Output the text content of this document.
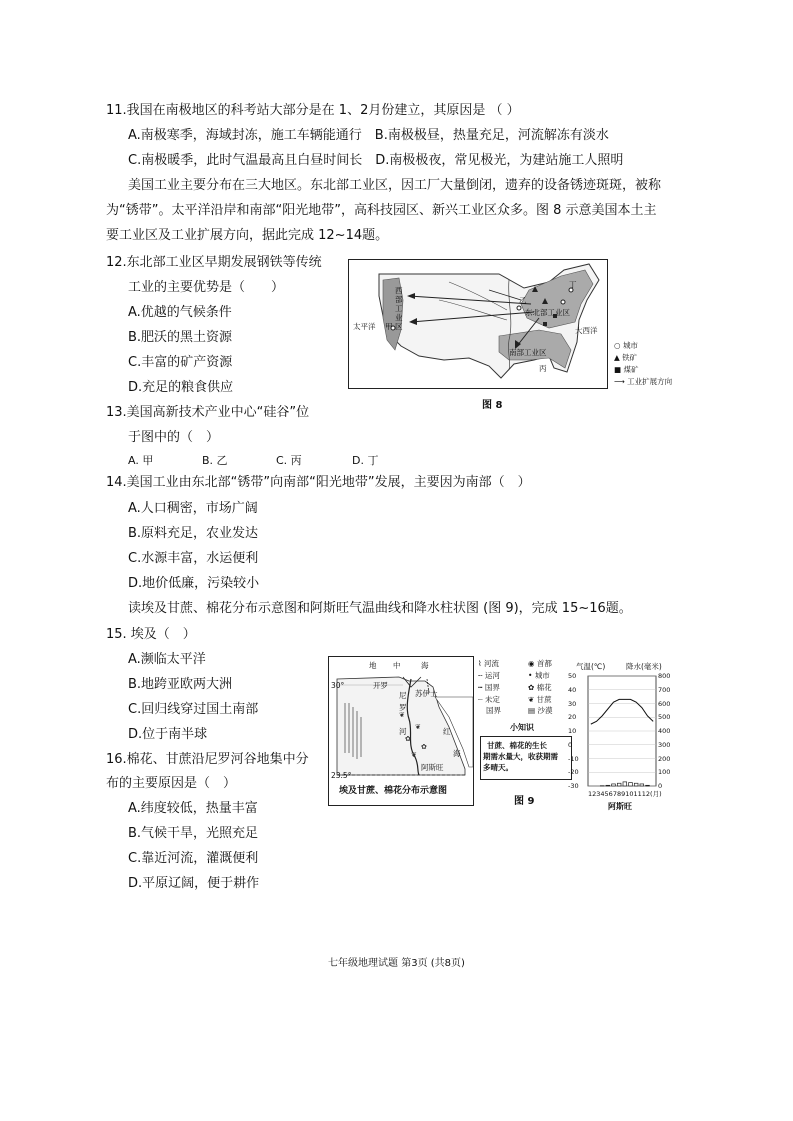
11.我国在南极地区的科考站大部分是在 1、2月份建立，其原因是 （ ）
A.南极寒季，海域封冻，施工车辆能通行　B.南极极昼，热量充足，河流解冻有淡水
C.南极暖季，此时气温最高且白昼时间长　D.南极极夜，常见极光，为建站施工人照明
美国工业主要分布在三大地区。东北部工业区，因工厂大量倒闭，遗弃的设备锈迹斑斑，被称
为“锈带”。太平洋沿岸和南部“阳光地带”，高科技园区、新兴工业区众多。图 8 示意美国本土主
要工业区及工业扩展方向，据此完成 12~14题。
12.东北部工业区早期发展钢铁等传统
工业的主要优势是（　　）
A.优越的气候条件
B.肥沃的黑土资源
C.丰富的矿产资源
D.充足的粮食供应
13.美国高新技术产业中心“硅谷”位
于图中的（　）
A. 甲	B. 乙	C. 丙	D. 丁
14.美国工业由东北部“锈带”向南部“阳光地带”发展，主要因为南部（　）
A.人口稠密，市场广阔
B.原料充足，农业发达
C.水源丰富，水运便利
D.地价低廉，污染较小
读埃及甘蔗、棉花分布示意图和阿斯旺气温曲线和降水柱状图 (图 9)，完成 15~16题。
15. 埃及（　）
A.濒临太平洋
B.地跨亚欧两大洲
C.回归线穿过国土南部
D.位于南半球
16.棉花、甘蔗沿尼罗河谷地集中分
布的主要原因是（　）
A.纬度较低，热量丰富
B.气候干旱，光照充足
C.靠近河流，灌溉便利
D.平原辽阔，便于耕作
西部工业区
太平洋 甲
乙
丁
丙
东北部工业区
南部工业区
大西洋
○ 城市
▲ 铁矿
■ 煤矿
⟶ 工业扩展方向
图 8
❦
❦
✿
✿
❦
地 中	海
30°	开罗
苏伊士
尼
罗
河	红
海
阿斯旺
23.5°
埃及甘蔗、棉花分布示意图
⌇ 河流	◉ 首都
╌ 运河	• 城市
┅ 国界	✿ 棉花
┈ 未定	❦ 甘蔗
国界	▤ 沙漠
小知识
甘蔗、棉花的生长
期需水量大，收获期需
多晴天。
图 9
气温(℃)	降水(毫米)
50
40
30
20
10
0
-10
-20
-30
800
700
600
500
400
300
200
100
0
123456789101112(月)
阿斯旺
七年级地理试题 第3页 (共8页)
